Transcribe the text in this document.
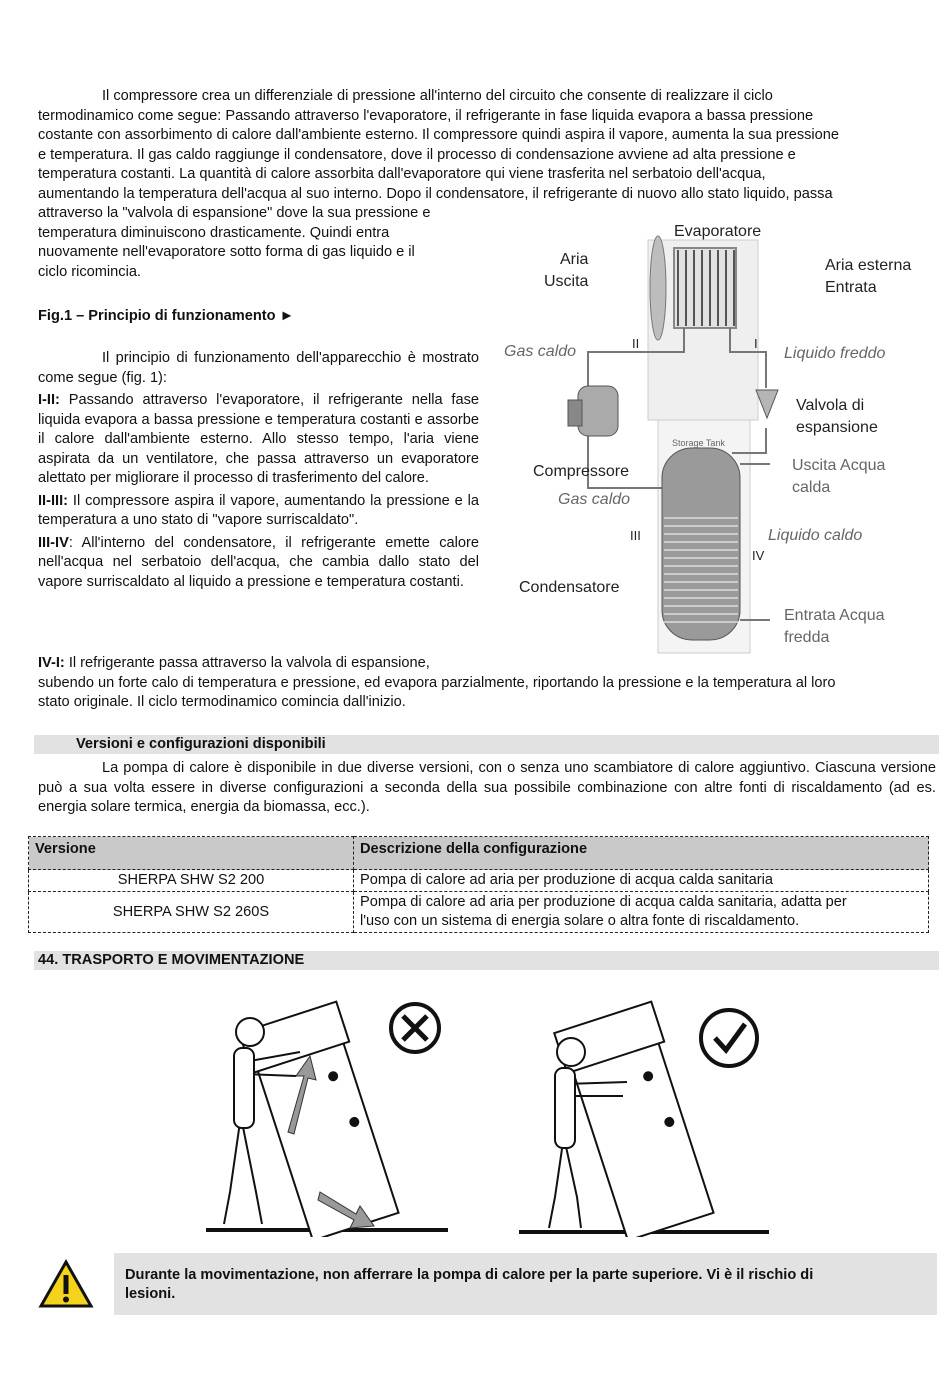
Il compressore crea un differenziale di pressione all'interno del circuito che consente di realizzare il ciclo
termodinamico come segue: Passando attraverso l'evaporatore, il refrigerante in fase liquida evapora a bassa pressione
costante con assorbimento di calore dall'ambiente esterno. Il compressore quindi aspira il vapore, aumenta la sua pressione
e temperatura. Il gas caldo raggiunge il condensatore, dove il processo di condensazione avviene ad alta pressione e
temperatura costanti. La quantità di calore assorbita dall'evaporatore qui viene trasferita nel serbatoio dell'acqua,
aumentando la temperatura dell'acqua al suo interno. Dopo il condensatore, il refrigerante di nuovo allo stato liquido, passa
attraverso la "valvola di espansione" dove la sua pressione e
temperatura diminuiscono drasticamente. Quindi entra
nuovamente nell'evaporatore sotto forma di gas liquido e il
ciclo ricomincia.
Fig.1 – Principio di funzionamento ►
Il principio di funzionamento dell'apparecchio è mostrato come segue (fig. 1):
I-II: Passando attraverso l'evaporatore, il refrigerante nella fase liquida evapora a bassa pressione e temperatura costanti e assorbe il calore dall'ambiente esterno. Allo stesso tempo, l'aria viene aspirata da un ventilatore, che passa attraverso un evaporatore alettato per migliorare il processo di trasferimento del calore.
II-III: Il compressore aspira il vapore, aumentando la pressione e la temperatura a uno stato di "vapore surriscaldato".
III-IV: All'interno del condensatore, il refrigerante emette calore nell'acqua nel serbatoio dell'acqua, che cambia dallo stato del vapore surriscaldato al liquido a pressione e temperatura costanti.
IV-I: Il refrigerante passa attraverso la valvola di espansione,
subendo un forte calo di temperatura e pressione, ed evapora parzialmente, riportando la pressione e la temperatura al loro
stato originale. Il ciclo termodinamico comincia dall'inizio.
Evaporatore
Aria
Uscita
Aria esterna
Entrata
Gas caldo	Liquido freddo
II	I
Valvola di
espansione
Compressore
Gas caldo
Storage Tank
Uscita Acqua
calda
III	Liquido caldo
IV
Condensatore
Entrata Acqua
fredda
Versioni e configurazioni disponibili
La pompa di calore è disponibile in due diverse versioni, con o senza uno scambiatore di calore aggiuntivo. Ciascuna versione può a sua volta essere in diverse configurazioni a seconda della sua possibile combinazione con altre fonti di riscaldamento (ad es. energia solare termica, energia da biomassa, ecc.).
Versione	Descrizione della configurazione
SHERPA SHW S2 200	Pompa di calore ad aria per produzione di acqua calda sanitaria
SHERPA SHW S2 260S	Pompa di calore ad aria per produzione di acqua calda sanitaria, adatta per
l'uso con un sistema di energia solare o altra fonte di riscaldamento.
44. TRASPORTO E MOVIMENTAZIONE
Durante la movimentazione, non afferrare la pompa di calore per la parte superiore. Vi è il rischio di
lesioni.
